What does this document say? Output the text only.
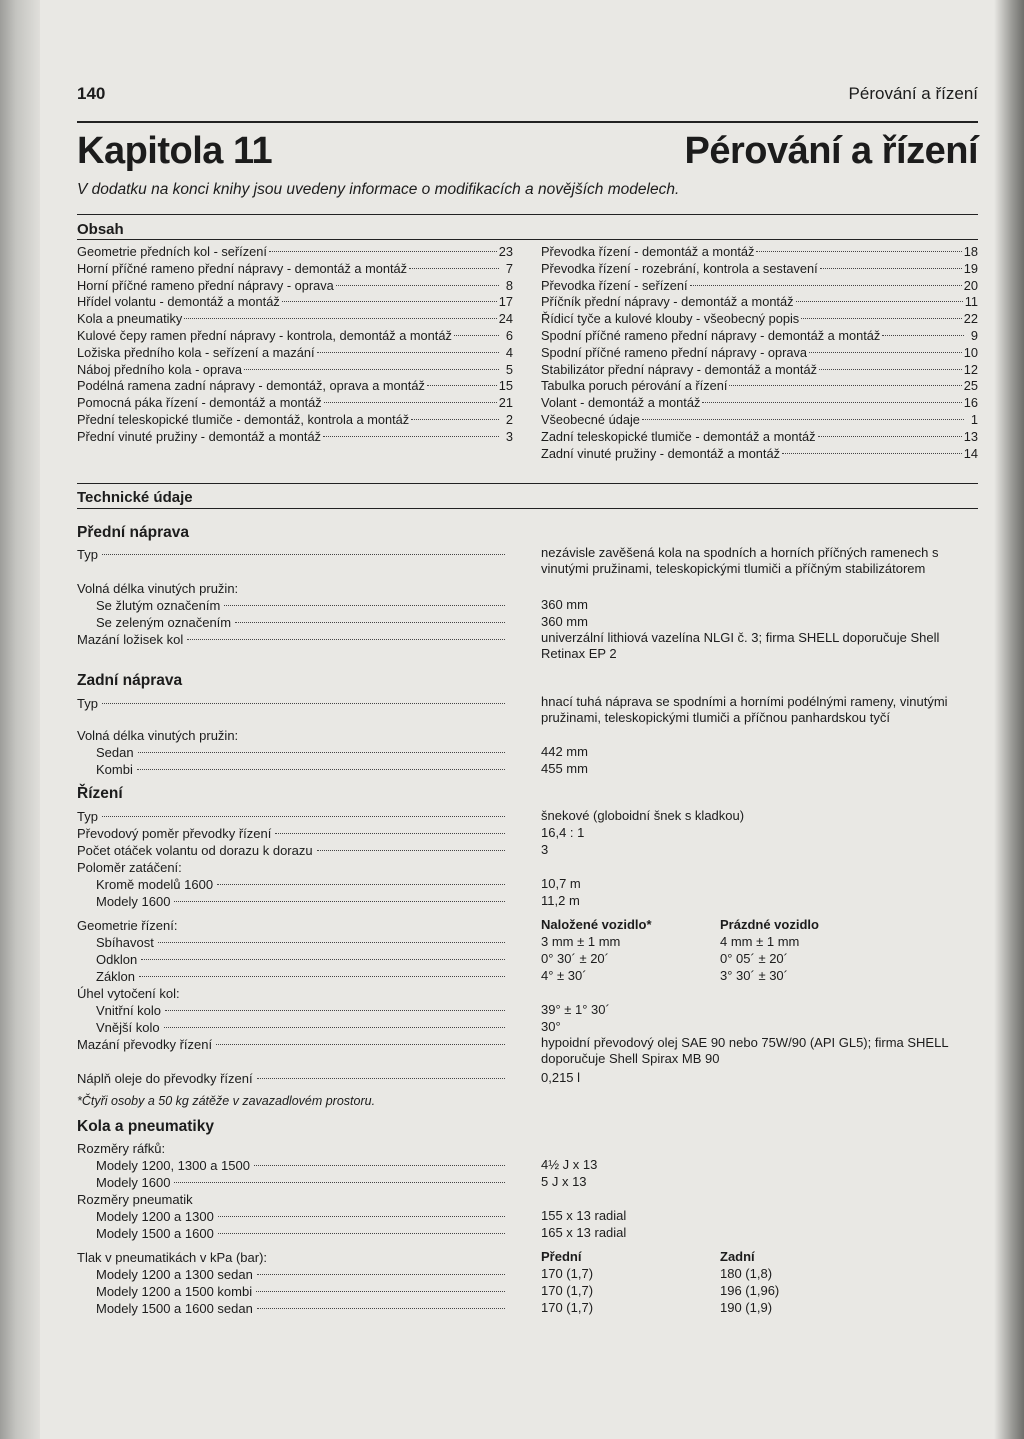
140	Pérování a řízení
Kapitola 11	Pérování a řízení
V dodatku na konci knihy jsou uvedeny informace o modifikacích a novějších modelech.
Obsah
Geometrie předních kol - seřízení	23
Horní příčné rameno přední nápravy - demontáž a montáž	7
Horní příčné rameno přední nápravy - oprava	8
Hřídel volantu - demontáž a montáž	17
Kola a pneumatiky	24
Kulové čepy ramen přední nápravy - kontrola, demontáž a montáž	6
Ložiska předního kola - seřízení a mazání	4
Náboj předního kola - oprava	5
Podélná ramena zadní nápravy - demontáž, oprava a montáž	15
Pomocná páka řízení - demontáž a montáž	21
Přední teleskopické tlumiče - demontáž, kontrola a montáž	2
Přední vinuté pružiny - demontáž a montáž	3
Převodka řízení - demontáž a montáž	18
Převodka řízení - rozebrání, kontrola a sestavení	19
Převodka řízení - seřízení	20
Příčník přední nápravy - demontáž a montáž	11
Řídicí tyče a kulové klouby - všeobecný popis	22
Spodní příčné rameno přední nápravy - demontáž a montáž	9
Spodní příčné rameno přední nápravy - oprava	10
Stabilizátor přední nápravy - demontáž a montáž	12
Tabulka poruch pérování a řízení	25
Volant - demontáž a montáž	16
Všeobecné údaje	1
Zadní teleskopické tlumiče - demontáž a montáž	13
Zadní vinuté pružiny - demontáž a montáž	14
Technické údaje
Přední náprava
Typ	nezávisle zavěšená kola na spodních a horních příčných ramenech s vinutými pružinami, teleskopickými tlumiči a příčným stabilizátorem
Volná délka vinutých pružin:
Se žlutým označením	360 mm
Se zeleným označením	360 mm
Mazání ložisek kol	univerzální lithiová vazelína NLGI č. 3; firma SHELL doporučuje Shell Retinax EP 2
Zadní náprava
Typ	hnací tuhá náprava se spodními a horními podélnými rameny, vinutými pružinami, teleskopickými tlumiči a příčnou panhardskou tyčí
Volná délka vinutých pružin:
Sedan	442 mm
Kombi	455 mm
Řízení
Typ	šnekové (globoidní šnek s kladkou)
Převodový poměr převodky řízení	16,4 : 1
Počet otáček volantu od dorazu k dorazu	3
Poloměr zatáčení:
Kromě modelů 1600	10,7 m
Modely 1600	11,2 m
Geometrie řízení:	Naložené vozidlo*	Prázdné vozidlo
Sbíhavost	3 mm ± 1 mm	4 mm ± 1 mm
Odklon	0° 30´ ± 20´	0° 05´ ± 20´
Záklon	4° ± 30´	3° 30´ ± 30´
Úhel vytočení kol:
Vnitřní kolo	39° ± 1° 30´
Vnější kolo	30°
Mazání převodky řízení	hypoidní převodový olej SAE 90 nebo 75W/90 (API GL5); firma SHELL doporučuje Shell Spirax MB 90
Náplň oleje do převodky řízení	0,215 l
*Čtyři osoby a 50 kg zátěže v zavazadlovém prostoru.
Kola a pneumatiky
Rozměry ráfků:
Modely 1200, 1300 a 1500	4½ J x 13
Modely 1600	5 J x 13
Rozměry pneumatik
Modely 1200 a 1300	155 x 13 radial
Modely 1500 a 1600	165 x 13 radial
Tlak v pneumatikách v kPa (bar):	Přední	Zadní
Modely 1200 a 1300 sedan	170 (1,7)	180 (1,8)
Modely 1200 a 1500 kombi	170 (1,7)	196 (1,96)
Modely 1500 a 1600 sedan	170 (1,7)	190 (1,9)
